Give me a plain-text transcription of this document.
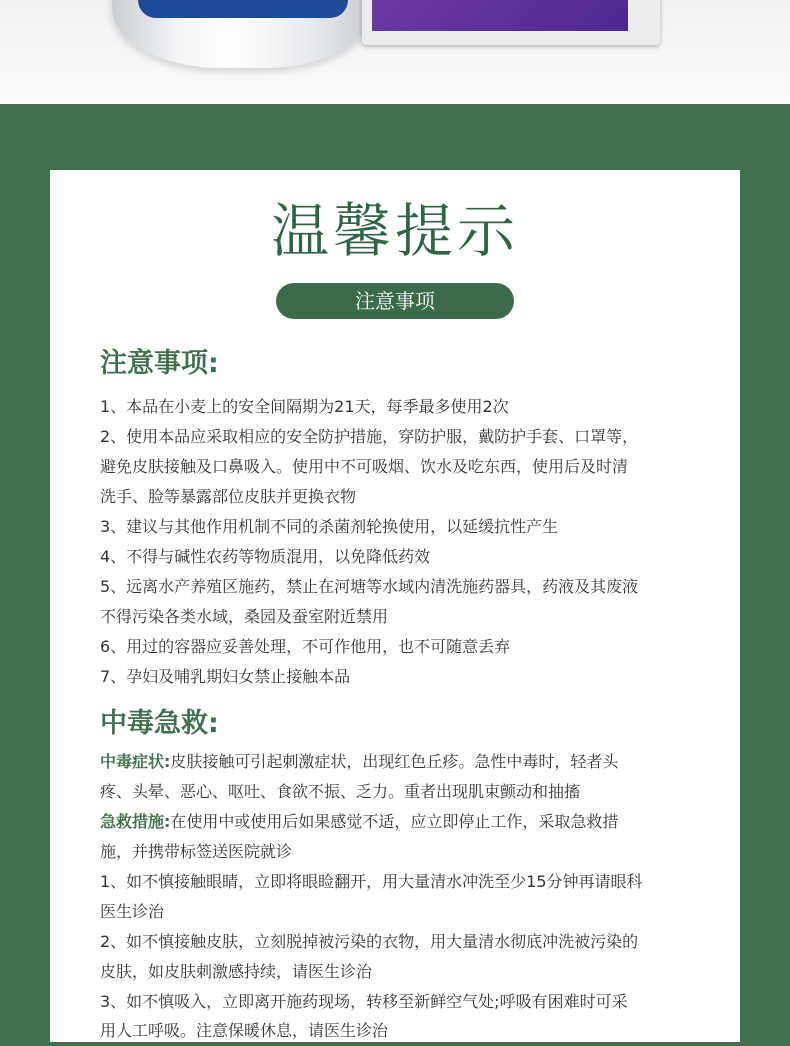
温馨提示
注意事项
注意事项:
1、本品在小麦上的安全间隔期为21天，每季最多使用2次
2、使用本品应采取相应的安全防护措施，穿防护服，戴防护手套、口罩等，
避免皮肤接触及口鼻吸入。使用中不可吸烟、饮水及吃东西，使用后及时清
洗手、脸等暴露部位皮肤并更换衣物
3、建议与其他作用机制不同的杀菌剂轮换使用，以延缓抗性产生
4、不得与碱性农药等物质混用，以免降低药效
5、远离水产养殖区施药，禁止在河塘等水域内清洗施药器具，药液及其废液
不得污染各类水域，桑园及蚕室附近禁用
6、用过的容器应妥善处理，不可作他用，也不可随意丢弃
7、孕妇及哺乳期妇女禁止接触本品
中毒急救:
中毒症状:皮肤接触可引起刺激症状，出现红色丘疹。急性中毒时，轻者头
疼、头晕、恶心、呕吐、食欲不振、乏力。重者出现肌束颤动和抽搐
急救措施:在使用中或使用后如果感觉不适，应立即停止工作，采取急救措
施，并携带标签送医院就诊
1、如不慎接触眼睛，立即将眼睑翻开，用大量清水冲洗至少15分钟再请眼科
医生诊治
2、如不慎接触皮肤，立刻脱掉被污染的衣物，用大量清水彻底冲洗被污染的
皮肤，如皮肤刺激感持续，请医生诊治
3、如不慎吸入，立即离开施药现场，转移至新鲜空气处;呼吸有困难时可采
用人工呼吸。注意保暖休息，请医生诊治
